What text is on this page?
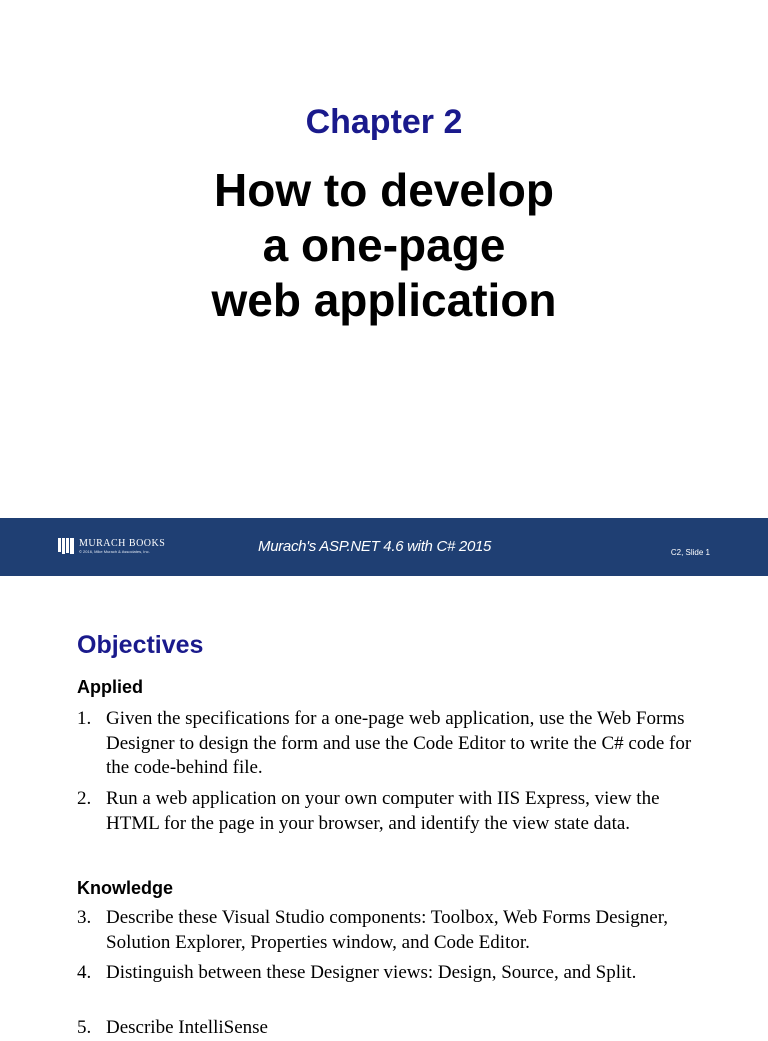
Chapter 2
How to develop
a one-page
web application
MURACH BOOKS
© 2016, Mike Murach & Associates, Inc.	Murach's ASP.NET 4.6 with C# 2015	C2, Slide 1
Objectives
Applied
1. Given the specifications for a one-page web application, use the Web Forms Designer to design the form and use the Code Editor to write the C# code for the code-behind file.
2. Run a web application on your own computer with IIS Express, view the HTML for the page in your browser, and identify the view state data.
Knowledge
3. Describe these Visual Studio components: Toolbox, Web Forms Designer, Solution Explorer, Properties window, and Code Editor.
4. Distinguish between these Designer views: Design, Source, and Split.
5. Describe IntelliSense
